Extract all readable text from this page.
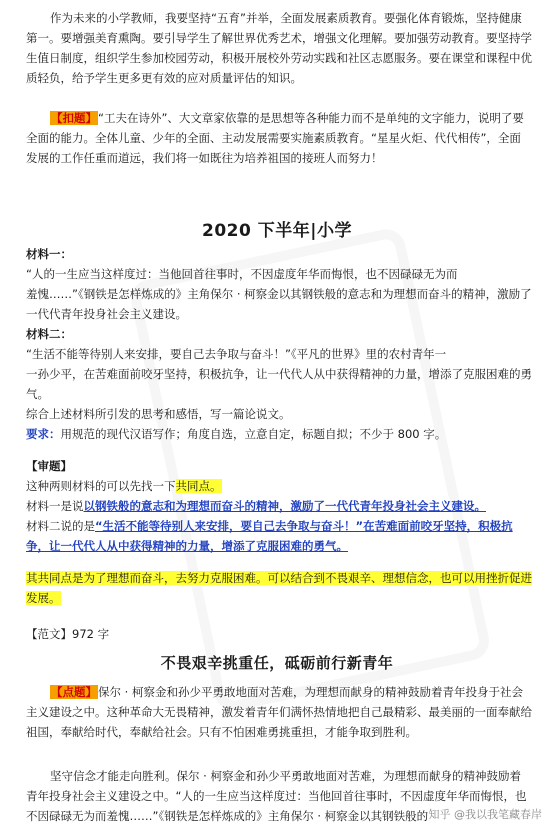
作为未来的小学教师，我要坚持“五育”并举，全面发展素质教育。要强化体育锻炼，坚持健康第一。要增强美育熏陶。要引导学生了解世界优秀艺术，增强文化理解。要加强劳动教育。要坚持学生值日制度，组织学生参加校园劳动，积极开展校外劳动实践和社区志愿服务。要在课堂和课程中优质轻负，给予学生更多更有效的应对质量评估的知识。
【扣题】“工夫在诗外”、大文章家依靠的是思想等各种能力而不是单纯的文字能力，说明了要全面的能力。全体儿童、少年的全面、主动发展需要实施素质教育。“星星火炬、代代相传”，全面发展的工作任重而道远，我们将一如既往为培养祖国的接班人而努力！
2020 下半年|小学
材料一：
“人的一生应当这样度过：当他回首往事时，不因虚度年华而悔恨，也不因碌碌无为而
羞愧……”《钢铁是怎样炼成的》主角保尔 · 柯察金以其钢铁般的意志和为理想而奋斗的精神，激励了一代代青年投身社会主义建设。
材料二：
“生活不能等待别人来安排，要自己去争取与奋斗！”《平凡的世界》里的农村青年一
一孙少平，在苦难面前咬牙坚持，积极抗争，让一代代人从中获得精神的力量，增添了克服困难的勇气。
综合上述材料所引发的思考和感悟，写一篇论说文。
要求：用规范的现代汉语写作；角度自选，立意自定，标题自拟；不少于 800 字。
【审题】
这种两则材料的可以先找一下共同点。
材料一是说以钢铁般的意志和为理想而奋斗的精神，激励了一代代青年投身社会主义建设。
材料二说的是“生活不能等待别人来安排，要自己去争取与奋斗！”在苦难面前咬牙坚持，积极抗争，让一代代人从中获得精神的力量，增添了克服困难的勇气。
其共同点是为了理想而奋斗，去努力克服困难。可以结合到不畏艰辛、理想信念，也可以用挫折促进发展。
【范文】972 字
不畏艰辛挑重任，砥砺前行新青年
【点题】保尔 · 柯察金和孙少平勇敢地面对苦难，为理想而献身的精神鼓励着青年投身于社会主义建设之中。这种革命大无畏精神，激发着青年们满怀热情地把自己最精彩、最美丽的一面奉献给祖国，奉献给时代，奉献给社会。只有不怕困难勇挑重担，才能争取到胜利。
坚守信念才能走向胜利。保尔 · 柯察金和孙少平勇敢地面对苦难，为理想而献身的精神鼓励着青年投身社会主义建设之中。“人的一生应当这样度过：当他回首往事时，不因虚度年华而悔恨，也不因碌碌无为而羞愧……”《钢铁是怎样炼成的》主角保尔 · 柯察金以其钢铁般的 知乎 @我以我笔藏春岸
